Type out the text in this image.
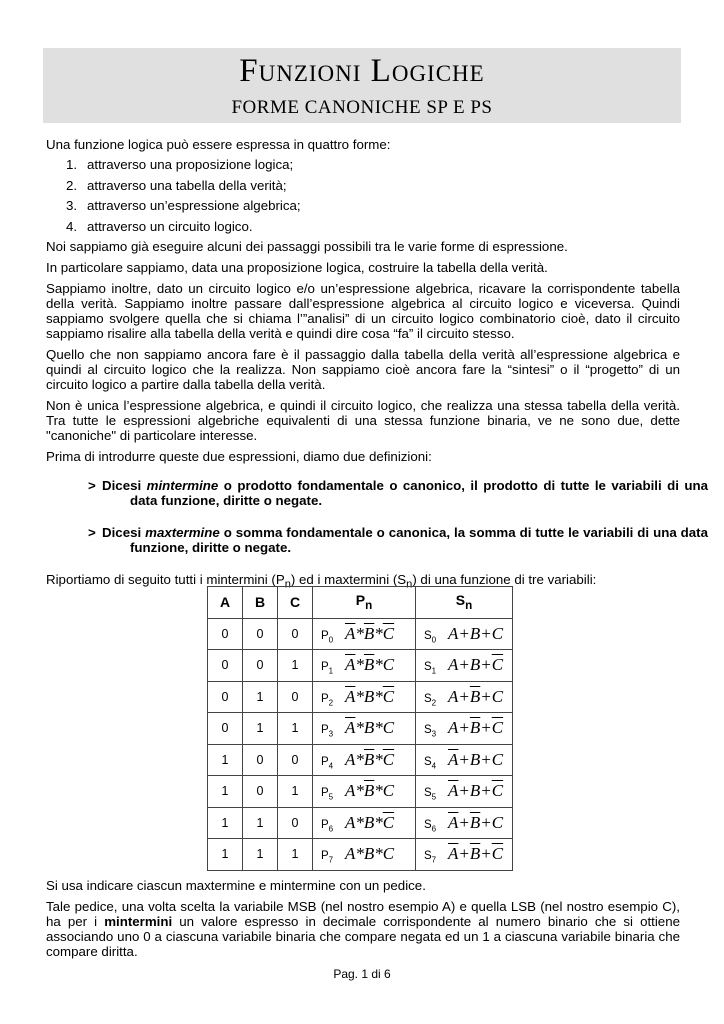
Funzioni Logiche
FORME CANONICHE SP E PS

Una funzione logica può essere espressa in quattro forme:

1. attraverso una proposizione logica;
2. attraverso una tabella della verità;
3. attraverso un’espressione algebrica;
4. attraverso un circuito logico.

Noi sappiamo già eseguire alcuni dei passaggi possibili tra le varie forme di espressione.

In particolare sappiamo, data una proposizione logica, costruire la tabella della verità.

Sappiamo inoltre, dato un circuito logico e/o un’espressione algebrica, ricavare la corrispondente tabella della verità. Sappiamo inoltre passare dall’espressione algebrica al circuito logico e viceversa. Quindi sappiamo svolgere quella che si chiama l’”analisi” di un circuito logico combinatorio cioè, dato il circuito sappiamo risalire alla tabella della verità e quindi dire cosa “fa” il circuito stesso.

Quello che non sappiamo ancora fare è il passaggio dalla tabella della verità all’espressione algebrica e quindi al circuito logico che la realizza. Non sappiamo cioè ancora fare la “sintesi” o il “progetto” di un circuito logico a partire dalla tabella della verità.

Non è unica l’espressione algebrica, e quindi il circuito logico, che realizza una stessa tabella della verità. Tra tutte le espressioni algebriche equivalenti di una stessa funzione binaria, ve ne sono due, dette "canoniche" di particolare interesse.

Prima di introdurre queste due espressioni, diamo due definizioni:

> Dicesi mintermine o prodotto fondamentale o canonico, il prodotto di tutte le variabili di una data funzione, diritte o negate.
> Dicesi maxtermine o somma fondamentale o canonica, la somma di tutte le variabili di una data funzione, diritte o negate.

Riportiamo di seguito tutti i mintermini $(P_n)$ ed i maxtermini $(S_n)$ di una funzione di tre variabili:

A	B	C	$P_n$	$S_n$
0	0	0	$P_0$ $\overline{A}*\overline{B}*\overline{C}$	$S_0$ A+B+C
0	0	1	$P_1$ $\overline{A}*\overline{B}*C$	$S_1$ $A+B+\overline{C}$
0	1	0	$P_2$ $\overline{A}*B*\overline{C}$	$S_2$ $A+\overline{B}+C$
0	1	1	$P_3$ $\overline{A}*B*C$	$S_3$ $A+\overline{B}+\overline{C}$
1	0	0	$P_4$ $A*\overline{B}*\overline{C}$	$S_4$ $\overline{A}+B+C$
1	0	1	$P_5$ $A*\overline{B}*C$	$S_5$ $\overline{A}+B+\overline{C}$
1	1	0	$P_6$ $A*B*\overline{C}$	$S_6$ $\overline{A}+\overline{B}+C$
1	1	1	$P_7$ A*B*C	$S_7$ $\overline{A}+\overline{B}+\overline{C}$

Si usa indicare ciascun maxtermine e mintermine con un pedice.

Tale pedice, una volta scelta la variabile MSB (nel nostro esempio A) e quella LSB (nel nostro esempio C), ha per i mintermini un valore espresso in decimale corrispondente al numero binario che si ottiene associando uno 0 a ciascuna variabile binaria che compare negata ed un 1 a ciascuna variabile binaria che compare diritta.

Pag. 1 di 6
